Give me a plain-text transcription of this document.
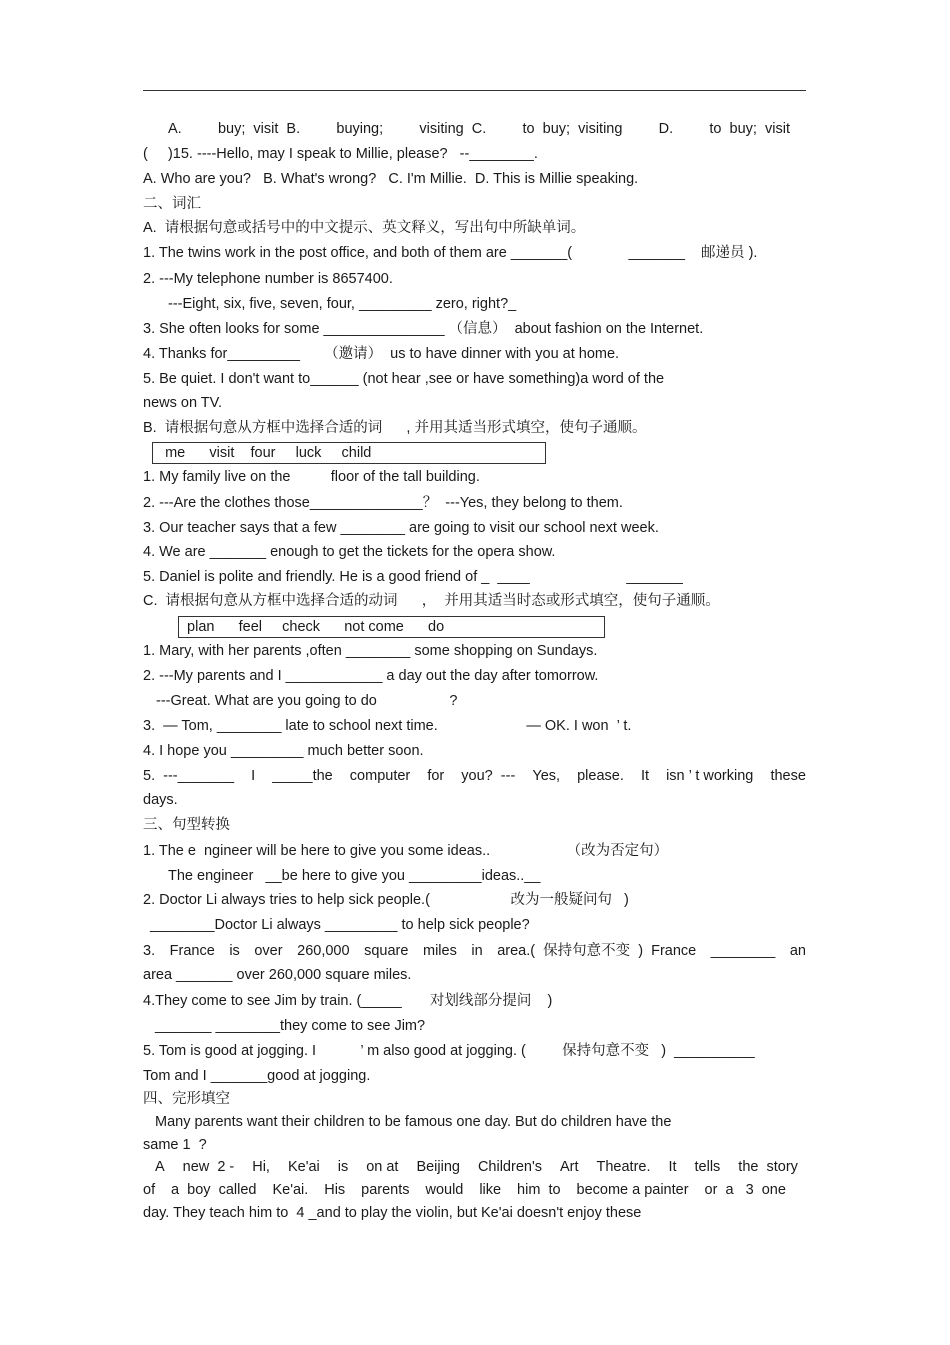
A. buy;  visit  B. buying; visiting  C. to  buy;  visiting D. to  buy;  visit
(     )15. ----Hello, may I speak to Millie, please?   --________.
A. Who are you?   B. What's wrong?   C. I'm Millie.  D. This is Millie speaking.
二、词汇
A.  请根据句意或括号中的中文提示、英文释义，写出句中所缺单词。
1. The twins work in the post office, and both of them are _______(              _______    邮递员 ).
2. ---My telephone number is 8657400.
---Eight, six, five, seven, four, _________ zero, right?_
3. She often looks for some _______________ （信息）  about fashion on the Internet.
4. Thanks for_________      （邀请）  us to have dinner with you at home.
5. Be quiet. I don't want to______ (not hear ,see or have something)a word of the
news on TV.
B.  请根据句意从方框中选择合适的词      , 并用其适当形式填空，使句子通顺。
me      visit    four     luck     child
1. My family live on the          floor of the tall building.
2. ---Are the clothes those______________？  ---Yes, they belong to them.
3. Our teacher says that a few ________ are going to visit our school next week.
4. We are _______ enough to get the tickets for the opera show.
5. Daniel is polite and friendly. He is a good friend of _  ____                        _______
C.  请根据句意从方框中选择合适的动词      ，  并用其适当时态或形式填空，使句子通顺。
plan      feel     check      not come      do
1. Mary, with her parents ,often ________ some shopping on Sundays.
2. ---My parents and I ____________ a day out the day after tomorrow.
---Great. What are you going to do                  ?
3.  — Tom, ________ late to school next time.                      — OK. I won  ’ t.
4. I hope you _________ much better soon.
5.  ---_______ I _____the computer for you?  --- Yes, please. It isn ’ t working these
days.
三、句型转换
1. The e  ngineer will be here to give you some ideas..                   （改为否定句）
The engineer   __be here to give you _________ideas..__
2. Doctor Li always tries to help sick people.(                    改为一般疑问句   )
________Doctor Li always _________ to help sick people?
3. France is over 260,000 square miles in area.(  保持句意不变  )  France ________ an
area _______ over 260,000 square miles.
4.They come to see Jim by train. (_____       对划线部分提问    )
_______ ________they come to see Jim?
5. Tom is good at jogging. I           ’ m also good at jogging. (         保持句意不变   )  __________
Tom and I _______good at jogging.
四、完形填空
Many parents want their children to be famous one day. But do children have the
same 1  ?
A new  2 - Hi, Ke'ai is on at Beijing Children's Art Theatre. It tells the  story
of a  boy  called Ke'ai. His parents would like him  to become a painter or  a   3  one
day. They teach him to  4 _and to play the violin, but Ke'ai doesn't enjoy these
